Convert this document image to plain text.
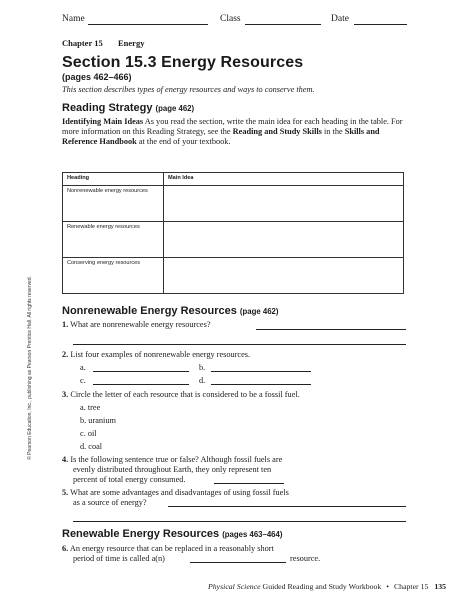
Name	Class	Date
Chapter 15 Energy
Section 15.3 Energy Resources
(pages 462–466)
This section describes types of energy resources and ways to conserve them.
Reading Strategy (page 462)
Identifying Main Ideas As you read the section, write the main idea for each heading in the table. For more information on this Reading Strategy, see the Reading and Study Skills in the Skills and Reference Handbook at the end of your textbook.
Heading	Main Idea
Nonrenewable energy resources	
Renewable energy resources	
Conserving energy resources	
Nonrenewable Energy Resources (page 462)
1. What are nonrenewable energy resources?
2. List four examples of nonrenewable energy resources.
a.	b.
c.	d.
3. Circle the letter of each resource that is considered to be a fossil fuel.
a. tree
b. uranium
c. oil
d. coal
4. Is the following sentence true or false? Although fossil fuels are
evenly distributed throughout Earth, they only represent ten
percent of total energy consumed.
5. What are some advantages and disadvantages of using fossil fuels
as a source of energy?
Renewable Energy Resources (pages 463–464)
6. An energy resource that can be replaced in a reasonably short
period of time is called a(n)	resource.
© Pearson Education, Inc., publishing as Pearson Prentice Hall. All rights reserved.
Physical Science Guided Reading and Study Workbook • Chapter 15 135
